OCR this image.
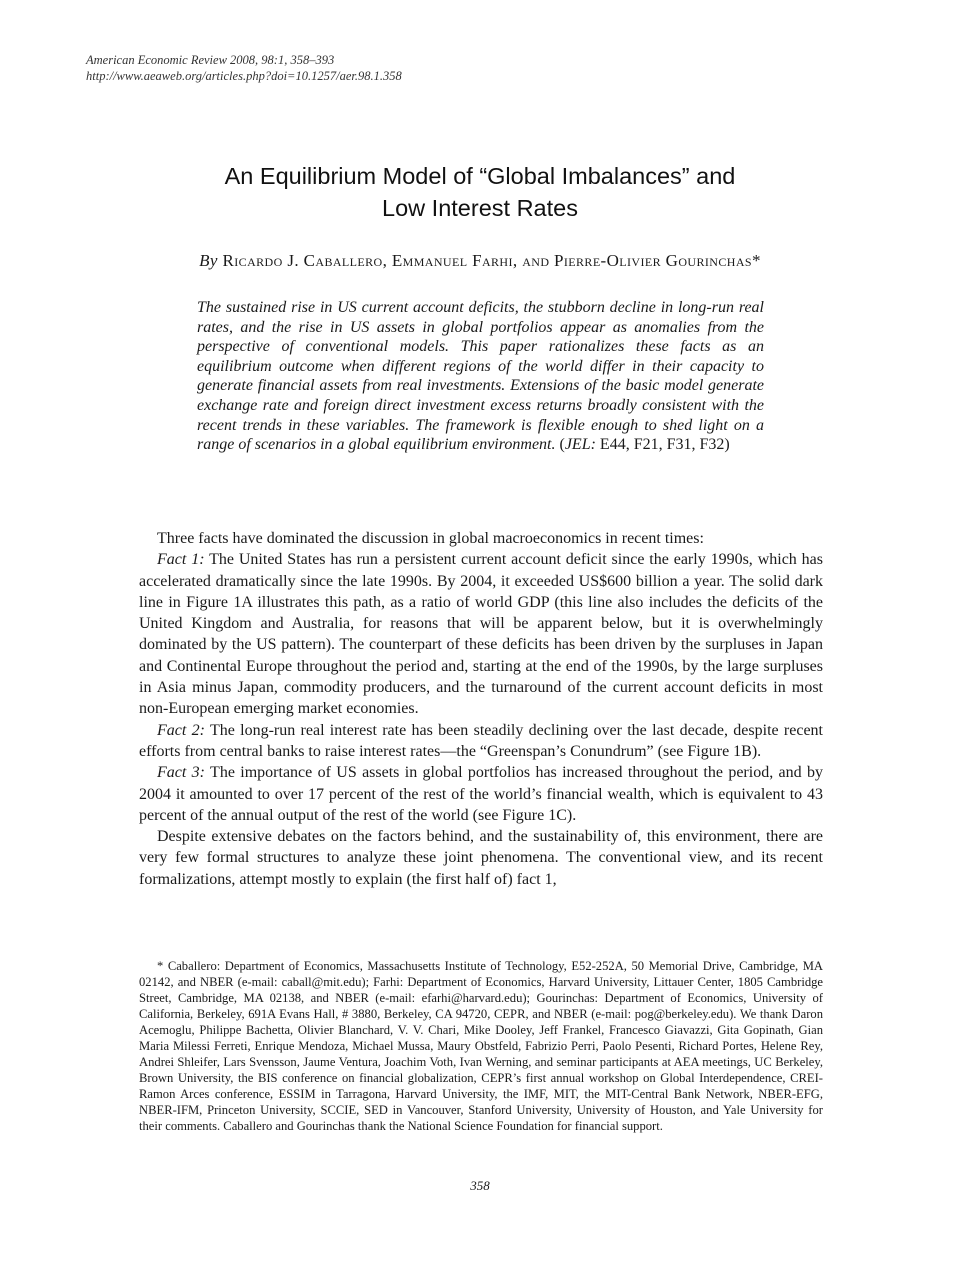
American Economic Review 2008, 98:1, 358–393
http://www.aeaweb.org/articles.php?doi=10.1257/aer.98.1.358
An Equilibrium Model of “Global Imbalances” and
Low Interest Rates
By Ricardo J. Caballero, Emmanuel Farhi, and Pierre-Olivier Gourinchas*
The sustained rise in US current account deficits, the stubborn decline in long-run real rates, and the rise in US assets in global portfolios appear as anomalies from the perspective of conventional models. This paper rationalizes these facts as an equilibrium outcome when different regions of the world differ in their capacity to generate financial assets from real investments. Extensions of the basic model generate exchange rate and foreign direct investment excess returns broadly consistent with the recent trends in these variables. The framework is flexible enough to shed light on a range of scenarios in a global equilibrium environment. (JEL: E44, F21, F31, F32)

Three facts have dominated the discussion in global macroeconomics in recent times:

Fact 1: The United States has run a persistent current account deficit since the early 1990s, which has accelerated dramatically since the late 1990s. By 2004, it exceeded US$600 billion a year. The solid dark line in Figure 1A illustrates this path, as a ratio of world GDP (this line also includes the deficits of the United Kingdom and Australia, for reasons that will be apparent below, but it is overwhelmingly dominated by the US pattern). The counterpart of these deficits has been driven by the surpluses in Japan and Continental Europe throughout the period and, starting at the end of the 1990s, by the large surpluses in Asia minus Japan, commodity producers, and the turnaround of the current account deficits in most non-European emerging market economies.

Fact 2: The long-run real interest rate has been steadily declining over the last decade, despite recent efforts from central banks to raise interest rates—the “Greenspan’s Conundrum” (see Figure 1B).

Fact 3: The importance of US assets in global portfolios has increased throughout the period, and by 2004 it amounted to over 17 percent of the rest of the world’s financial wealth, which is equivalent to 43 percent of the annual output of the rest of the world (see Figure 1C).

Despite extensive debates on the factors behind, and the sustainability of, this environment, there are very few formal structures to analyze these joint phenomena. The conventional view, and its recent formalizations, attempt mostly to explain (the first half of) fact 1,

* Caballero: Department of Economics, Massachusetts Institute of Technology, E52-252A, 50 Memorial Drive, Cambridge, MA 02142, and NBER (e-mail: caball@mit.edu); Farhi: Department of Economics, Harvard University, Littauer Center, 1805 Cambridge Street, Cambridge, MA 02138, and NBER (e-mail: efarhi@harvard.edu); Gourinchas: Department of Economics, University of California, Berkeley, 691A Evans Hall, # 3880, Berkeley, CA 94720, CEPR, and NBER (e-mail: pog@berkeley.edu). We thank Daron Acemoglu, Philippe Bachetta, Olivier Blanchard, V. V. Chari, Mike Dooley, Jeff Frankel, Francesco Giavazzi, Gita Gopinath, Gian Maria Milessi Ferreti, Enrique Mendoza, Michael Mussa, Maury Obstfeld, Fabrizio Perri, Paolo Pesenti, Richard Portes, Helene Rey, Andrei Shleifer, Lars Svensson, Jaume Ventura, Joachim Voth, Ivan Werning, and seminar participants at AEA meetings, UC Berkeley, Brown University, the BIS conference on financial globalization, CEPR’s first annual workshop on Global Interdependence, CREI-Ramon Arces conference, ESSIM in Tarragona, Harvard University, the IMF, MIT, the MIT-Central Bank Network, NBER-EFG, NBER-IFM, Princeton University, SCCIE, SED in Vancouver, Stanford University, University of Houston, and Yale University for their comments. Caballero and Gourinchas thank the National Science Foundation for financial support.

358
